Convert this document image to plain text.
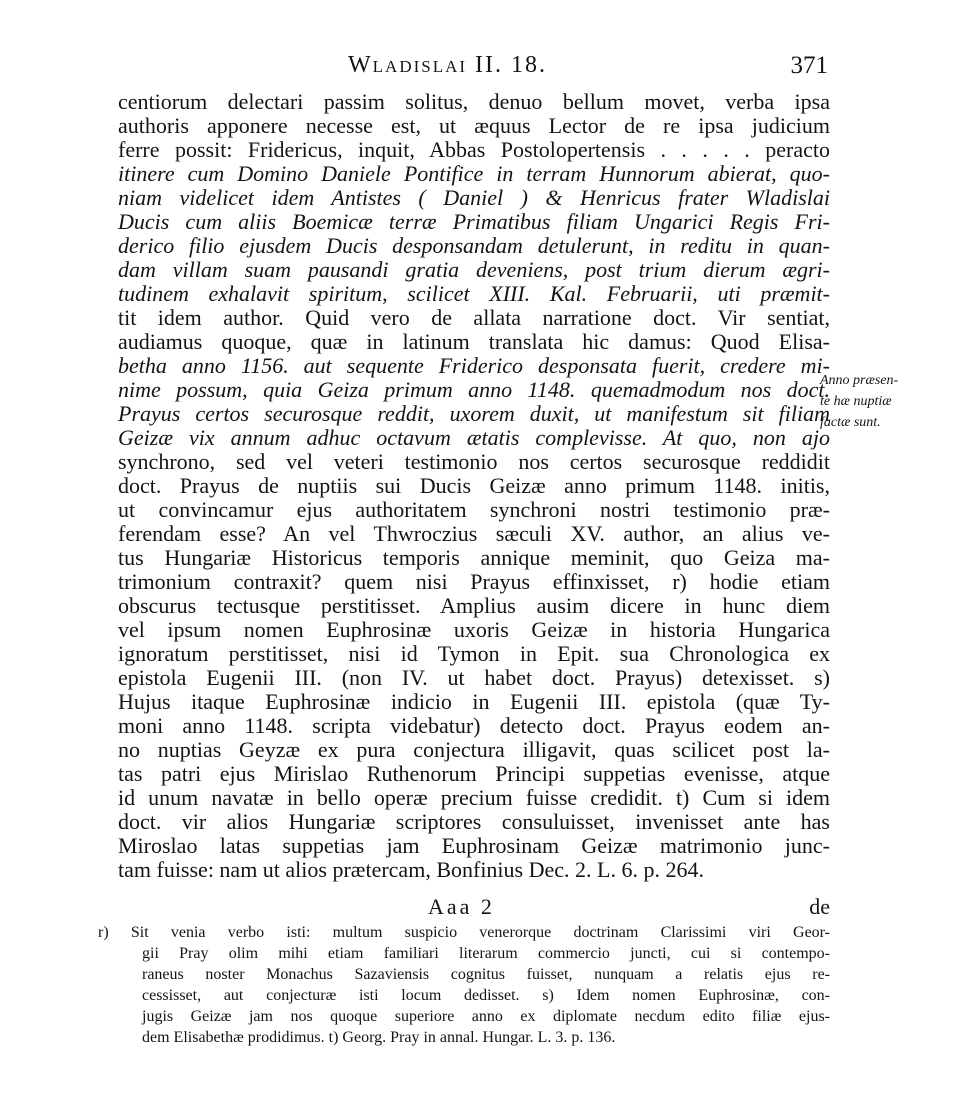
Wladislai II. 18.	371
centiorum delectari passim solitus, denuo bellum movet, verba ipsa
authoris apponere necesse est, ut æquus Lector de re ipsa judicium
ferre possit: Fridericus, inquit, Abbas Postolopertensis . . . . . peracto
itinere cum Domino Daniele Pontifice in terram Hunnorum abierat, quo-
niam videlicet idem Antistes ( Daniel ) & Henricus frater Wladislai
Ducis cum aliis Boemicæ terræ Primatibus filiam Ungarici Regis Fri-
derico filio ejusdem Ducis desponsandam detulerunt, in reditu in quan-
dam villam suam pausandi gratia deveniens, post trium dierum ægri-
tudinem exhalavit spiritum, scilicet XIII. Kal. Februarii, uti præmit-
tit idem author. Quid vero de allata narratione doct. Vir sentiat,
audiamus quoque, quæ in latinum translata hic damus: Quod Elisa-
betha anno 1156. aut sequente Friderico desponsata fuerit, credere mi-
nime possum, quia Geiza primum anno 1148. quemadmodum nos doct.
Prayus certos securosque reddit, uxorem duxit, ut manifestum sit filiam
Geizæ vix annum adhuc octavum ætatis complevisse. At quo, non ajo
synchrono, sed vel veteri testimonio nos certos securosque reddidit
doct. Prayus de nuptiis sui Ducis Geizæ anno primum 1148. initis,
ut convincamur ejus authoritatem synchroni nostri testimonio præ-
ferendam esse? An vel Thwroczius sæculi XV. author, an alius ve-
tus Hungariæ Historicus temporis annique meminit, quo Geiza ma-
trimonium contraxit? quem nisi Prayus effinxisset, r) hodie etiam
obscurus tectusque perstitisset. Amplius ausim dicere in hunc diem
vel ipsum nomen Euphrosinæ uxoris Geizæ in historia Hungarica
ignoratum perstitisset, nisi id Tymon in Epit. sua Chronologica ex
epistola Eugenii III. (non IV. ut habet doct. Prayus) detexisset. s)
Hujus itaque Euphrosinæ indicio in Eugenii III. epistola (quæ Ty-
moni anno 1148. scripta videbatur) detecto doct. Prayus eodem an-
no nuptias Geyzæ ex pura conjectura illigavit, quas scilicet post la-
tas patri ejus Mirislao Ruthenorum Principi suppetias evenisse, atque
id unum navatæ in bello operæ precium fuisse credidit. t) Cum si idem
doct. vir alios Hungariæ scriptores consuluisset, invenisset ante has
Miroslao latas suppetias jam Euphrosinam Geizæ matrimonio junc-
tam fuisse: nam ut alios prætercam, Bonfinius Dec. 2. L. 6. p. 264.
Anno præsen-
te hæ nuptiæ
factæ sunt.
Aaa 2	de
r) Sit venia verbo isti: multum suspicio venerorque doctrinam Clarissimi viri Geor-
gii Pray olim mihi etiam familiari literarum commercio juncti, cui si contempo-
raneus noster Monachus Sazaviensis cognitus fuisset, nunquam a relatis ejus re-
cessisset, aut conjecturæ isti locum dedisset. s) Idem nomen Euphrosinæ, con-
jugis Geizæ jam nos quoque superiore anno ex diplomate necdum edito filiæ ejus-
dem Elisabethæ prodidimus. t) Georg. Pray in annal. Hungar. L. 3. p. 136.
